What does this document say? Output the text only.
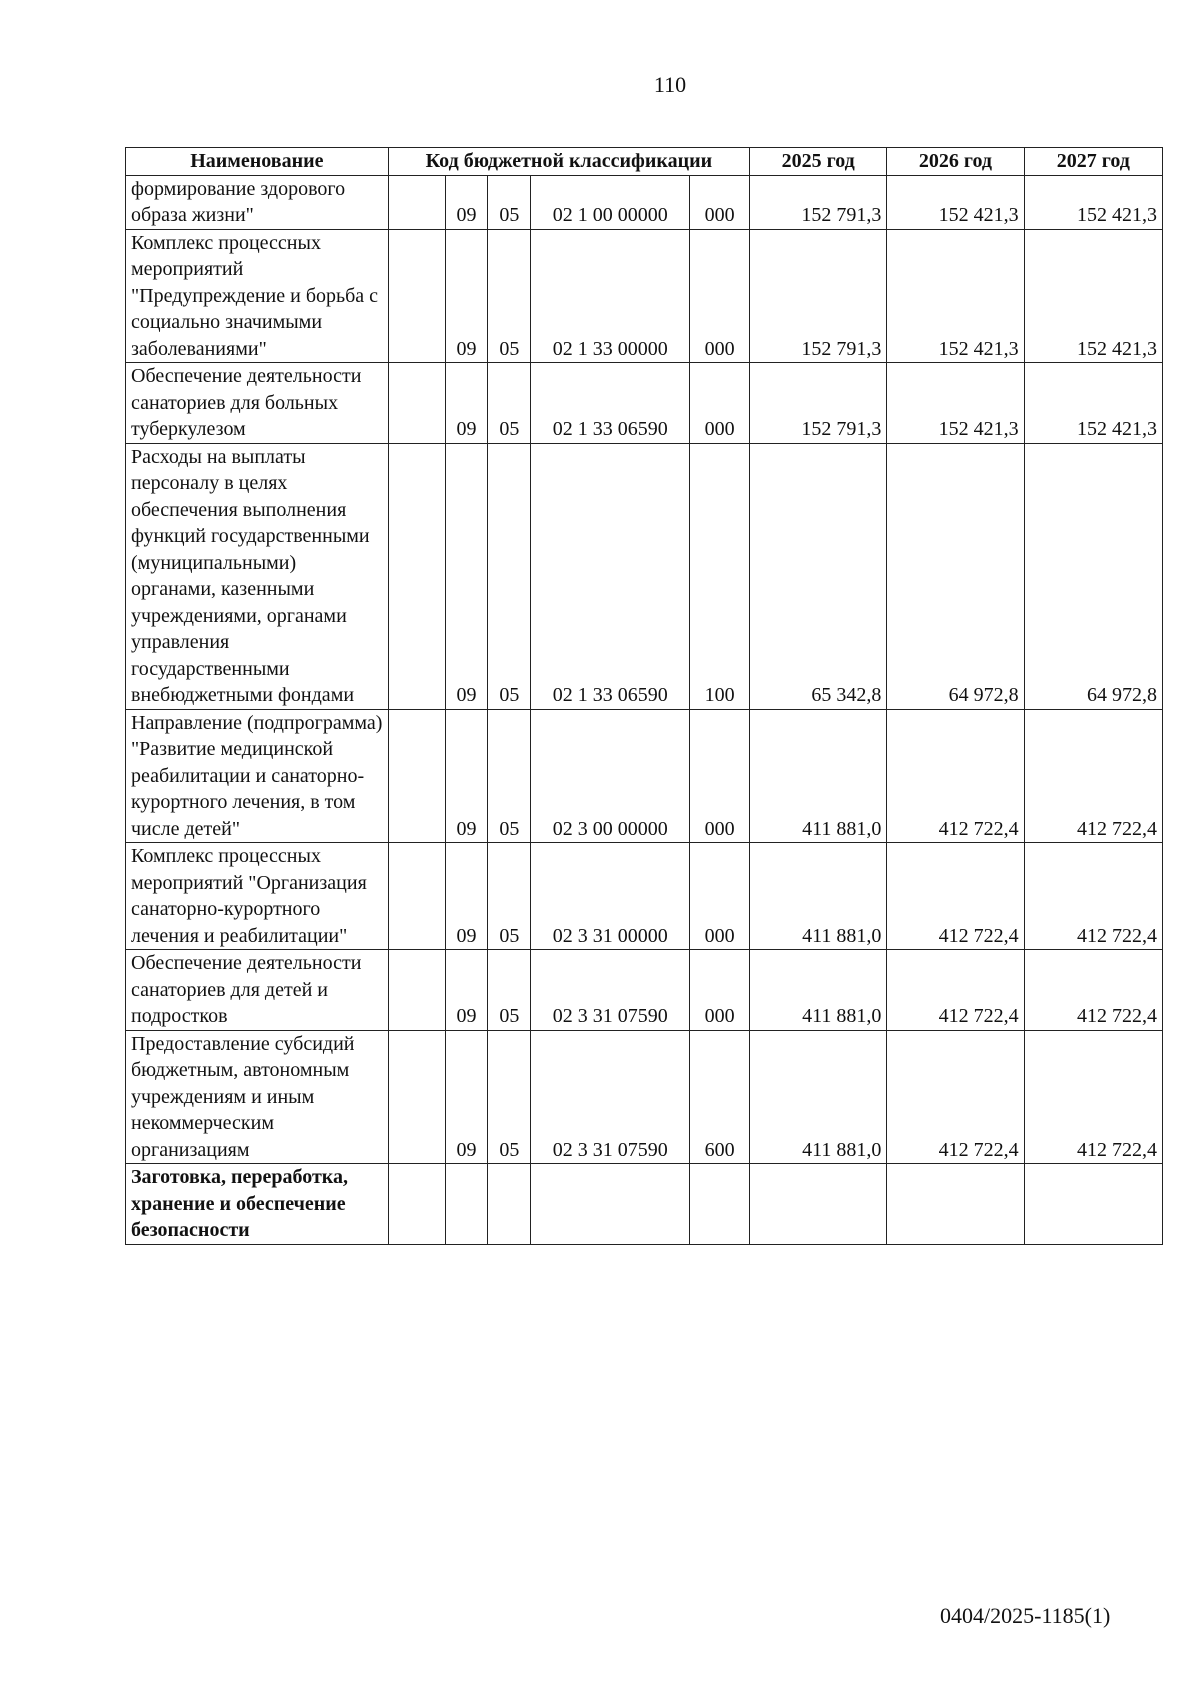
110
Наименование	Код бюджетной классификации					2025 год	2026 год	2027 год
формирование здорового образа жизни"		09	05	02 1 00 00000	000	152 791,3	152 421,3	152 421,3
Комплекс процессных мероприятий "Предупреждение и борьба с социально значимыми заболеваниями"		09	05	02 1 33 00000	000	152 791,3	152 421,3	152 421,3
Обеспечение деятельности санаториев для больных туберкулезом		09	05	02 1 33 06590	000	152 791,3	152 421,3	152 421,3
Расходы на выплаты персоналу в целях обеспечения выполнения функций государственными (муниципальными) органами, казенными учреждениями, органами управления государственными внебюджетными фондами		09	05	02 1 33 06590	100	65 342,8	64 972,8	64 972,8
Направление (подпрограмма) "Развитие медицинской реабилитации и санаторно-курортного лечения, в том числе детей"		09	05	02 3 00 00000	000	411 881,0	412 722,4	412 722,4
Комплекс процессных мероприятий "Организация санаторно-курортного лечения и реабилитации"		09	05	02 3 31 00000	000	411 881,0	412 722,4	412 722,4
Обеспечение деятельности санаториев для детей и подростков		09	05	02 3 31 07590	000	411 881,0	412 722,4	412 722,4
Предоставление субсидий бюджетным, автономным учреждениям и иным некоммерческим организациям		09	05	02 3 31 07590	600	411 881,0	412 722,4	412 722,4
Заготовка, переработка, хранение и обеспечение безопасности								
0404/2025-1185(1)
